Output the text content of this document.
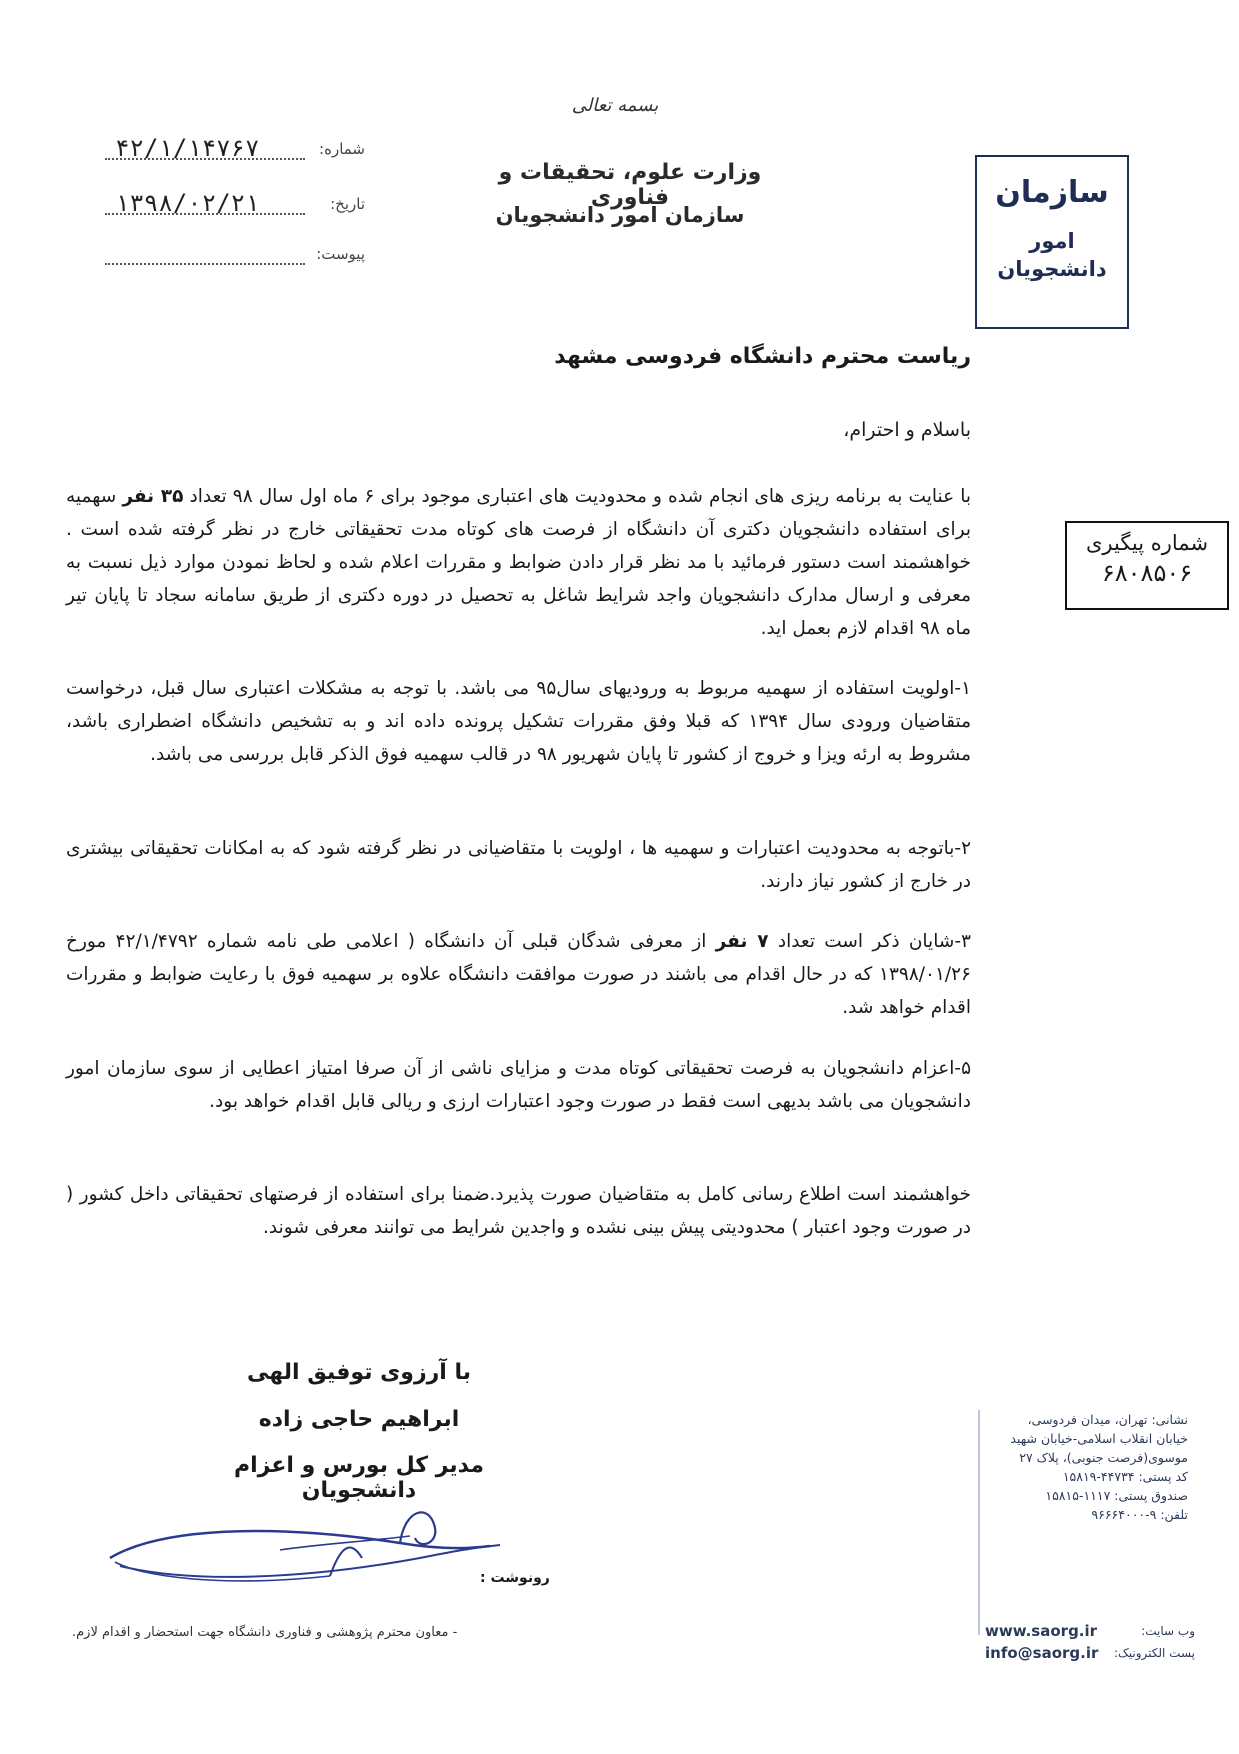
بسمه تعالی
وزارت علوم، تحقیقات و فناوری
سازمان امور دانشجویان
شماره:
۴۲/۱/۱۴۷۶۷
تاریخ:
۱۳۹۸/۰۲/۲۱
پیوست:
سازمان
امور دانشجویان
ریاست محترم دانشگاه فردوسی مشهد
باسلام و احترام،
با عنایت به برنامه ریزی های انجام شده و محدودیت های اعتباری موجود برای ۶ ماه اول سال ۹۸ تعداد ۳۵ نفر سهمیه برای استفاده دانشجویان دکتری آن دانشگاه از فرصت های کوتاه مدت تحقیقاتی خارج در نظر گرفته شده است . خواهشمند است دستور فرمائید با مد نظر قرار دادن ضوابط و مقررات اعلام شده و لحاظ نمودن موارد ذیل نسبت به معرفی و ارسال مدارک دانشجویان واجد شرایط شاغل به تحصیل در دوره دکتری از طریق سامانه سجاد تا پایان تیر ماه ۹۸ اقدام لازم بعمل اید.
۱-اولویت استفاده از سهمیه مربوط به ورودیهای سال۹۵ می باشد. با توجه به مشکلات اعتباری سال قبل، درخواست متقاضیان ورودی سال ۱۳۹۴ که قبلا وفق مقررات تشکیل پرونده داده اند و به تشخیص دانشگاه اضطراری باشد، مشروط به ارئه ویزا و خروج از کشور تا پایان شهریور ۹۸ در قالب سهمیه فوق الذکر قابل بررسی می باشد.
۲-باتوجه به محدودیت اعتبارات و سهمیه ها ، اولویت با متقاضیانی در نظر گرفته شود که به امکانات تحقیقاتی بیشتری در خارج از کشور نیاز دارند.
۳-شایان ذکر است تعداد ۷ نفر از معرفی شدگان قبلی آن دانشگاه ( اعلامی طی نامه شماره ۴۲/۱/۴۷۹۲ مورخ ۱۳۹۸/۰۱/۲۶ که در حال اقدام می باشند در صورت موافقت دانشگاه علاوه بر سهمیه فوق با رعایت ضوابط و مقررات اقدام خواهد شد.
۵-اعزام دانشجویان به فرصت تحقیقاتی کوتاه مدت و مزایای ناشی از آن صرفا امتیاز اعطایی از سوی سازمان امور دانشجویان می باشد بدیهی است فقط در صورت وجود اعتبارات ارزی و ریالی قابل اقدام خواهد بود.
خواهشمند است اطلاع رسانی کامل به متقاضیان صورت پذیرد.ضمنا برای استفاده از فرصتهای تحقیقاتی داخل کشور ( در صورت وجود اعتبار ) محدودیتی پیش بینی نشده و واجدین شرایط می توانند معرفی شوند.
شماره پیگیری
۶۸۰۸۵۰۶
با آرزوی توفیق الهی
ابراهیم حاجی زاده
مدیر کل بورس و اعزام دانشجویان
رونوشت :
- معاون محترم پژوهشی و فناوری دانشگاه جهت استحضار و اقدام لازم.
نشانی: تهران، میدان فردوسی،
خیابان انقلاب اسلامی-خیابان شهید
موسوی(فرصت جنوبی)، پلاک ۲۷
کد پستی: ۴۴۷۳۴-۱۵۸۱۹
صندوق پستی: ۱۱۱۷-۱۵۸۱۵
تلفن: ۹-۹۶۶۶۴۰۰۰
www.saorg.ir	وب سایت:
info@saorg.ir پست الکترونیک:
